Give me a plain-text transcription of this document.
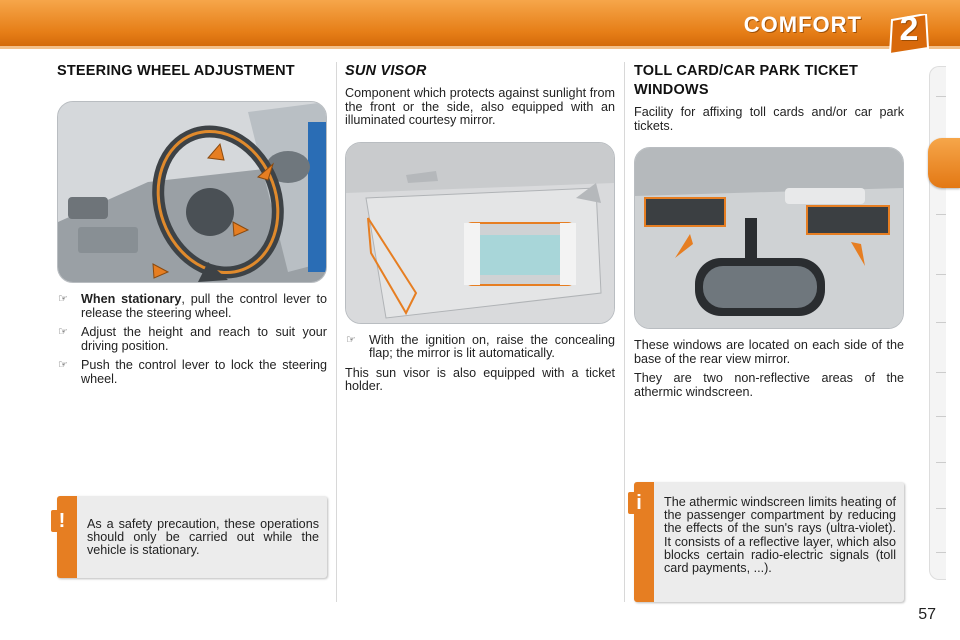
COMFORT	2
STEERING WHEEL ADJUSTMENT
☞ When stationary, pull the control lever to release the steering wheel.
☞ Adjust the height and reach to suit your driving position.
☞ Push the control lever to lock the steering wheel.
!	As a safety precaution, these operations should only be carried out while the vehicle is stationary.
SUN VISOR

Component which protects against sunlight from the front or the side, also equipped with an illuminated courtesy mirror.

☞ With the ignition on, raise the concealing flap; the mirror is lit automatically.

This sun visor is also equipped with a ticket holder.

TOLL CARD/CAR PARK TICKET WINDOWS

Facility for affixing toll cards and/or car park tickets.

These windows are located on each side of the base of the rear view mirror.

They are two non-reflective areas of the athermic windscreen.

i	The athermic windscreen limits heating of the passenger compartment by reducing the effects of the sun's rays (ultra-violet). It consists of a reflective layer, which also blocks certain radio-electric signals (toll card payments, ...).
57
